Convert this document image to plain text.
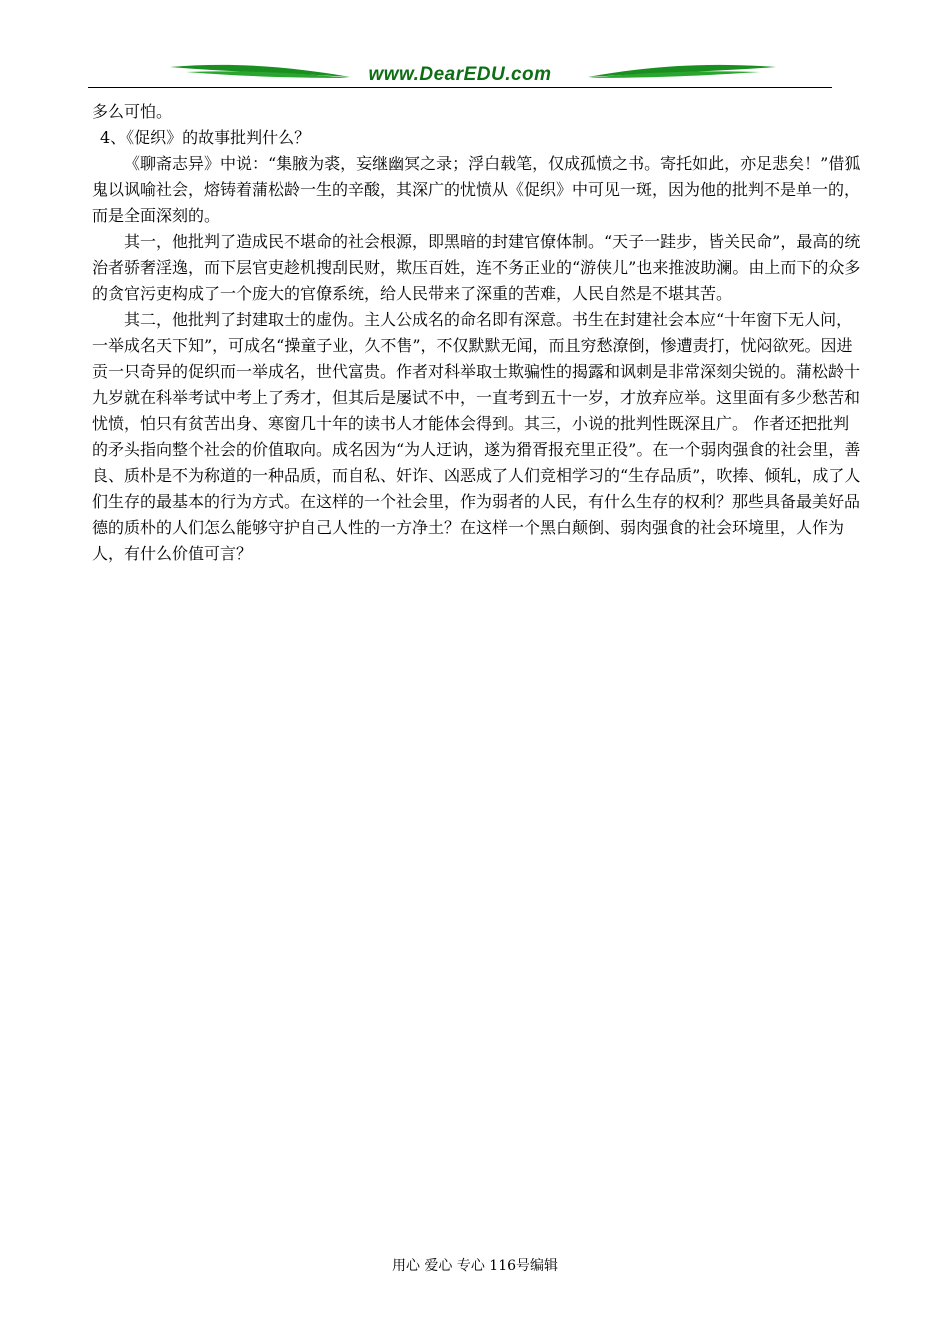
www.DearEDU.com

多么可怕。

4、《促织》的故事批判什么？

《聊斋志异》中说：“集腋为裘，妄继幽冥之录；浮白载笔，仅成孤愤之书。寄托如此，亦足悲矣！”借狐鬼以讽喻社会，熔铸着蒲松龄一生的辛酸，其深广的忧愤从《促织》中可见一斑，因为他的批判不是单一的，而是全面深刻的。

其一，他批判了造成民不堪命的社会根源，即黑暗的封建官僚体制。“天子一跬步，皆关民命”，最高的统治者骄奢淫逸，而下层官吏趁机搜刮民财，欺压百姓，连不务正业的“游侠儿”也来推波助澜。由上而下的众多的贪官污吏构成了一个庞大的官僚系统，给人民带来了深重的苦难，人民自然是不堪其苦。

其二，他批判了封建取士的虚伪。主人公成名的命名即有深意。书生在封建社会本应“十年窗下无人问，一举成名天下知”，可成名“操童子业，久不售”，不仅默默无闻，而且穷愁潦倒，惨遭责打，忧闷欲死。因进贡一只奇异的促织而一举成名，世代富贵。作者对科举取士欺骗性的揭露和讽刺是非常深刻尖锐的。蒲松龄十九岁就在科举考试中考上了秀才，但其后是屡试不中，一直考到五十一岁，才放弃应举。这里面有多少愁苦和忧愤，怕只有贫苦出身、寒窗几十年的读书人才能体会得到。其三，小说的批判性既深且广。 作者还把批判的矛头指向整个社会的价值取向。成名因为“为人迂讷，遂为猾胥报充里正役”。在一个弱肉强食的社会里，善良、质朴是不为称道的一种品质，而自私、奸诈、凶恶成了人们竞相学习的“生存品质”，吹捧、倾轧，成了人们生存的最基本的行为方式。在这样的一个社会里，作为弱者的人民，有什么生存的权利？那些具备最美好品德的质朴的人们怎么能够守护自己人性的一方净土？在这样一个黑白颠倒、弱肉强食的社会环境里，人作为人，有什么价值可言？

用心 爱心 专心 116号编辑
